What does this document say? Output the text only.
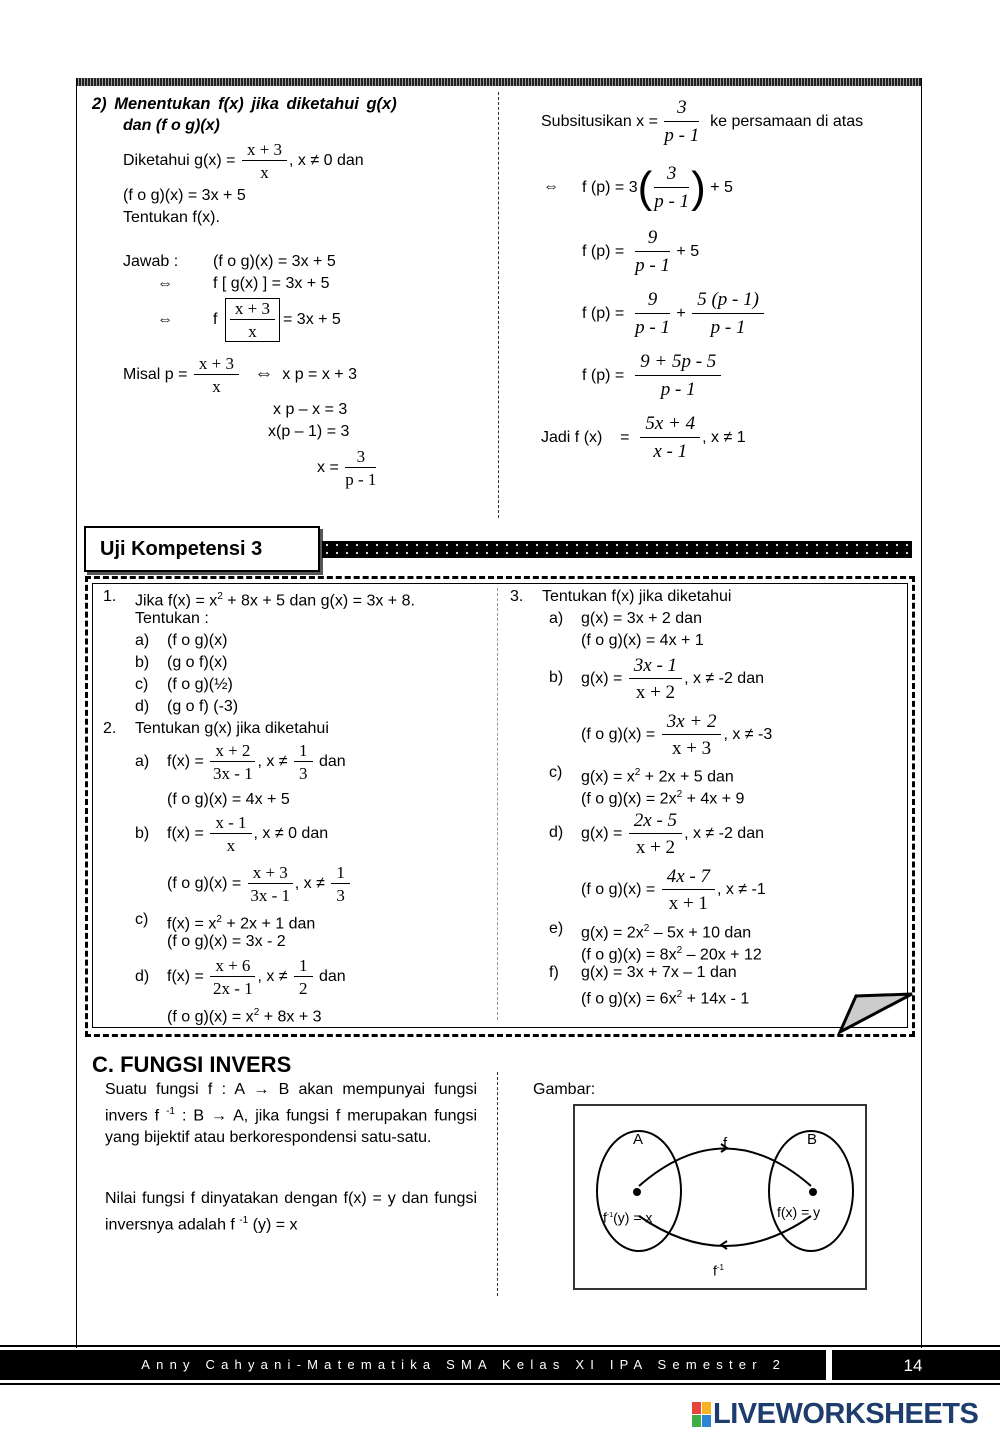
2) Menentukan f(x) jika diketahui g(x)
dan (f o g)(x)
Diketahui $g(x) = \frac{x + 3}{x}$ , x ≠ 0 dan
(f o g)(x) = 3x + 5
Tentukan f(x).
Jawab : (f o g)(x) = 3x + 5
⇔	f [ g(x) ] = 3x + 5
⇔	f $\frac{x + 3}{x} = 3x + 5$
Misal $p = \frac{x + 3}{x}$ ⇔ x p = x + 3
x p – x = 3
x(p – 1) = 3
$x = \frac{3}{p - 1}$
Subsitusikan $x = \frac{3}{p - 1}$ ke persamaan di atas
⇔ f $(p) = 3( \frac{3}{p - 1}$ ) + 5
f $(p) = \frac{9}{p - 1} + 5$
f $(p) = \frac{9}{p - 1} + \frac{5 (p - 1)}{p - 1}$
f $(p) = \frac{9 + 5p - 5}{p - 1}$
Jadi f (x)    = $\frac{5x + 4}{x - 1}$ , x ≠ 1
Uji Kompetensi 3
1. Jika $f(x) = x^2 + 8x + 5$ dan g(x) = 3x + 8.
Tentukan :
a) (f o g)(x)
b) (g o f)(x)
c) (f o g)(½)
d) (g o f) (-3)
2. Tentukan g(x) jika diketahui
a) $f(x) = \frac{x + 2}{3x - 1}$ , $x \ne \frac{1}{3}$ dan
(f o g)(x) = 4x + 5
b) $f(x) = \frac{x - 1}{x}$ , x ≠ 0 dan
(f o $g)(x) = \frac{x + 3}{3x - 1}$ , $x \ne \frac{1}{3}$
c) $f(x) = x^2 + 2x + 1$ dan
(f o g)(x) = 3x - 2
d) $f(x) = \frac{x + 6}{2x - 1}$ , $x \ne \frac{1}{2}$ dan
(f o $g)(x) = x^2 + 8x + 3$
3. Tentukan f(x) jika diketahui
a) g(x) = 3x + 2 dan
(f o g)(x) = 4x + 1
b) $g(x) = \frac{3x - 1}{x + 2}$ , x ≠ -2 dan
(f o $g)(x) = \frac{3x + 2}{x + 3}$ , x ≠ -3
c) $g(x) = x^2 + 2x + 5$ dan
(f o $g)(x) = 2x^2 + 4x + 9$
d) $g(x) = \frac{2x - 5}{x + 2}$ , x ≠ -2 dan
(f o $g)(x) = \frac{4x - 7}{x + 1}$ , x ≠ -1
e) $g(x) = 2x^2 - 5x + 10$ dan
(f o $g)(x) = 8x^2 - 20x + 12$
f) g(x) = 3x + 7x – 1 dan
(f o $g)(x) = 6x^2 + 14x - 1$
C. FUNGSI INVERS
Suatu fungsi f : A → B akan mempunyai fungsi invers f $^{-1}$ : B → A, jika fungsi f merupakan fungsi yang bijektif atau berkorespondensi satu-satu.
Nilai fungsi f dinyatakan dengan f(x) = y dan fungsi inversnya adalah f $^{-1}$ (y) = x
Gambar:
A	B
f
$f^{-1}$
$f^{-1}(y) = x$	f(x) = y
Anny Cahyani-Matematika SMA Kelas XI IPA Semester 2	14
LIVEWORKSHEETS
